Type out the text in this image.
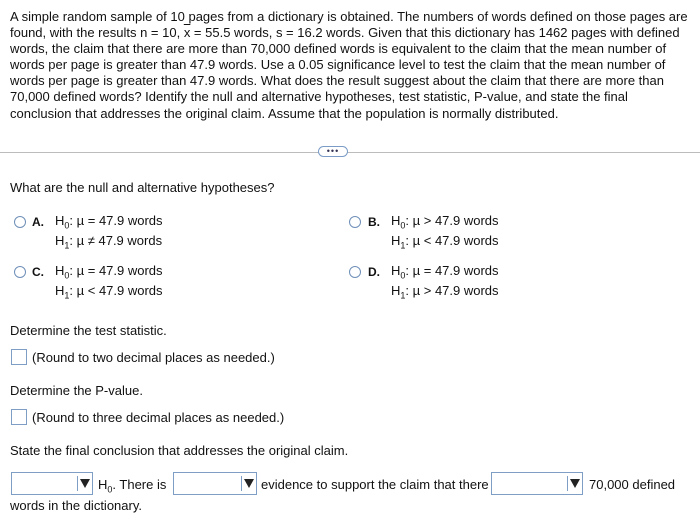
A simple random sample of 10 pages from a dictionary is obtained. The numbers of words defined on those pages are found, with the results n = 10, $\overline{x} = 55.5$ words, s = 16.2 words. Given that this dictionary has 1462 pages with defined words, the claim that there are more than 70,000 defined words is equivalent to the claim that the mean number of words per page is greater than 47.9 words. Use a 0.05 significance level to test the claim that the mean number of words per page is greater than 47.9 words. What does the result suggest about the claim that there are more than 70,000 defined words? Identify the null and alternative hypotheses, test statistic, P-value, and state the final conclusion that addresses the original claim. Assume that the population is normally distributed.

•••
What are the null and alternative hypotheses?
A. $H_0$: µ = 47.9 words
$H_1$: µ ≠ 47.9 words
B. $H_0$: µ > 47.9 words
$H_1$: µ < 47.9 words
C. $H_0$: µ = 47.9 words
$H_1$: µ < 47.9 words
D. $H_0$: µ = 47.9 words
$H_1$: µ > 47.9 words
Determine the test statistic.
(Round to two decimal places as needed.)
Determine the P-value.
(Round to three decimal places as needed.)
State the final conclusion that addresses the original claim.
$H_0$. There is	evidence to support the claim that there	70,000 defined
words in the dictionary.
